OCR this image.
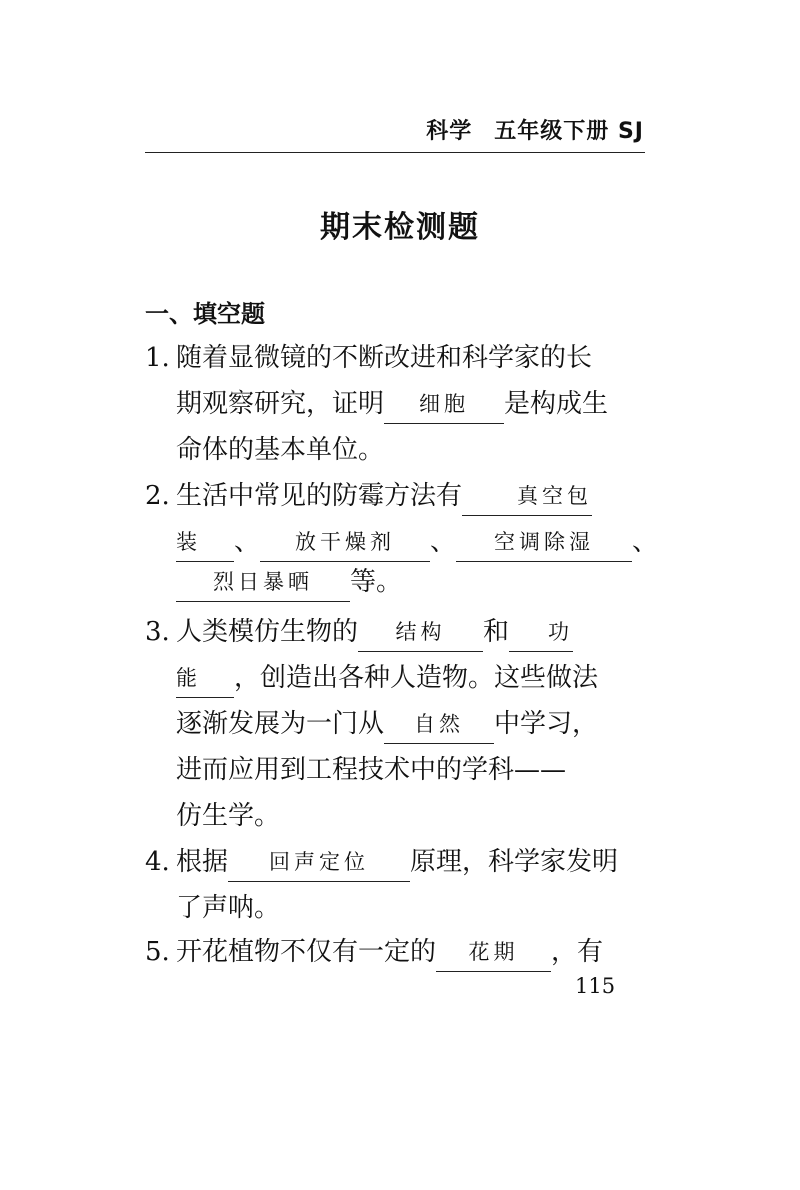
科学 五年级下册 SJ
期末检测题
一、填空题
1. 随着显微镜的不断改进和科学家的长
期观察研究，证明 细胞 是构成生
命体的基本单位。
2. 生活中常见的防霉方法有	真空包
装 、 放干燥剂 、 空调除湿 、
烈日暴晒 等。
3. 人类模仿生物的 结构 和 功
能 ，创造出各种人造物。这些做法
逐渐发展为一门从 自然 中学习，
进而应用到工程技术中的学科——
仿生学。
4. 根据 回声定位 原理，科学家发明
了声呐。
5. 开花植物不仅有一定的 花期 ，有
115
